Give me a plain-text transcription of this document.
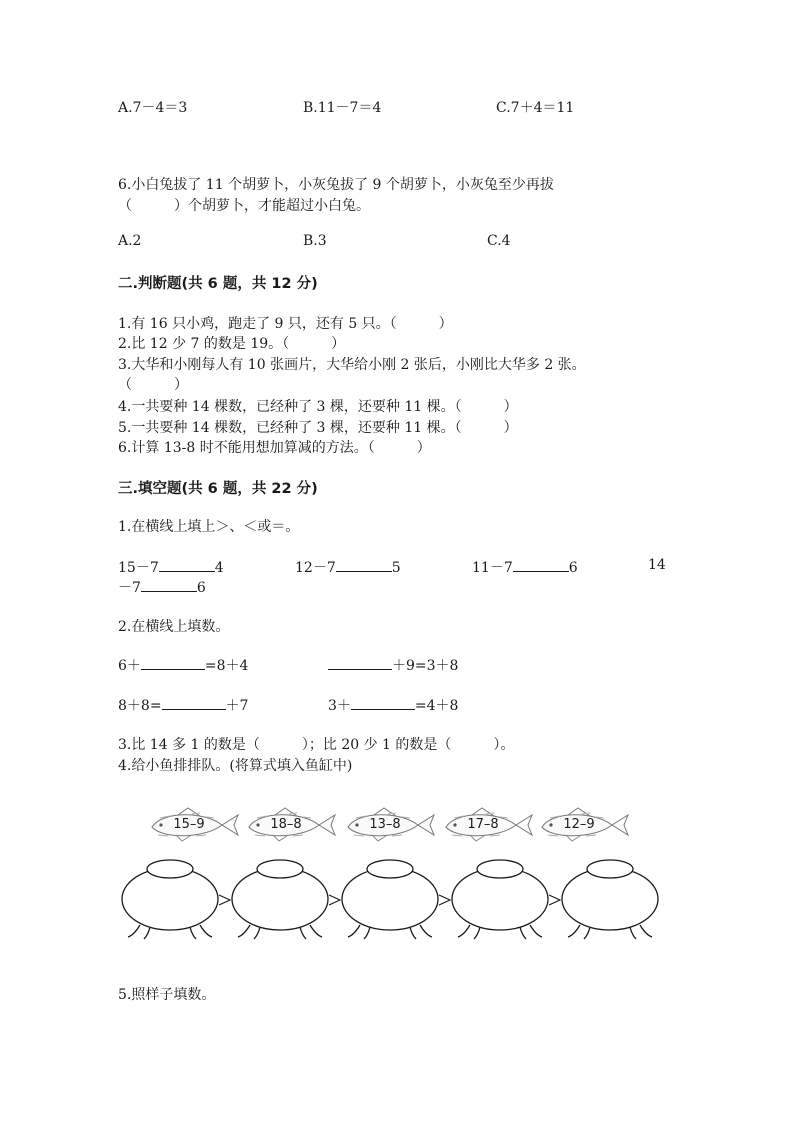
A.7－4＝3	B.11－7＝4	C.7＋4＝11
6.小白兔拔了 11 个胡萝卜，小灰兔拔了 9 个胡萝卜，小灰兔至少再拔
（　　　）个胡萝卜，才能超过小白兔。
A.2	B.3	C.4
二.判断题(共 6 题，共 12 分)
1.有 16 只小鸡，跑走了 9 只，还有 5 只。（　　　）
2.比 12 少 7 的数是 19。（　　　）
3.大华和小刚每人有 10 张画片，大华给小刚 2 张后，小刚比大华多 2 张。
（　　　）
4.一共要种 14 棵数，已经种了 3 棵，还要种 11 棵。（　　　）
5.一共要种 14 棵数，已经种了 3 棵，还要种 11 棵。（　　　）
6.计算 13-8 时不能用想加算减的方法。（　　　）
三.填空题(共 6 题，共 22 分)
1.在横线上填上＞、＜或＝。
15－7	4	12－7	5	11－7	6	14
－7	6
2.在横线上填数。
6＋	=8＋4	＋9=3＋8
8＋8=	＋7	3＋	=4＋8
3.比 14 多 1 的数是（　　　）；比 20 少 1 的数是（　　　）。
4.给小鱼排排队。(将算式填入鱼缸中)
15–9	18–8	13–8	17–8	12–9
5.照样子填数。
